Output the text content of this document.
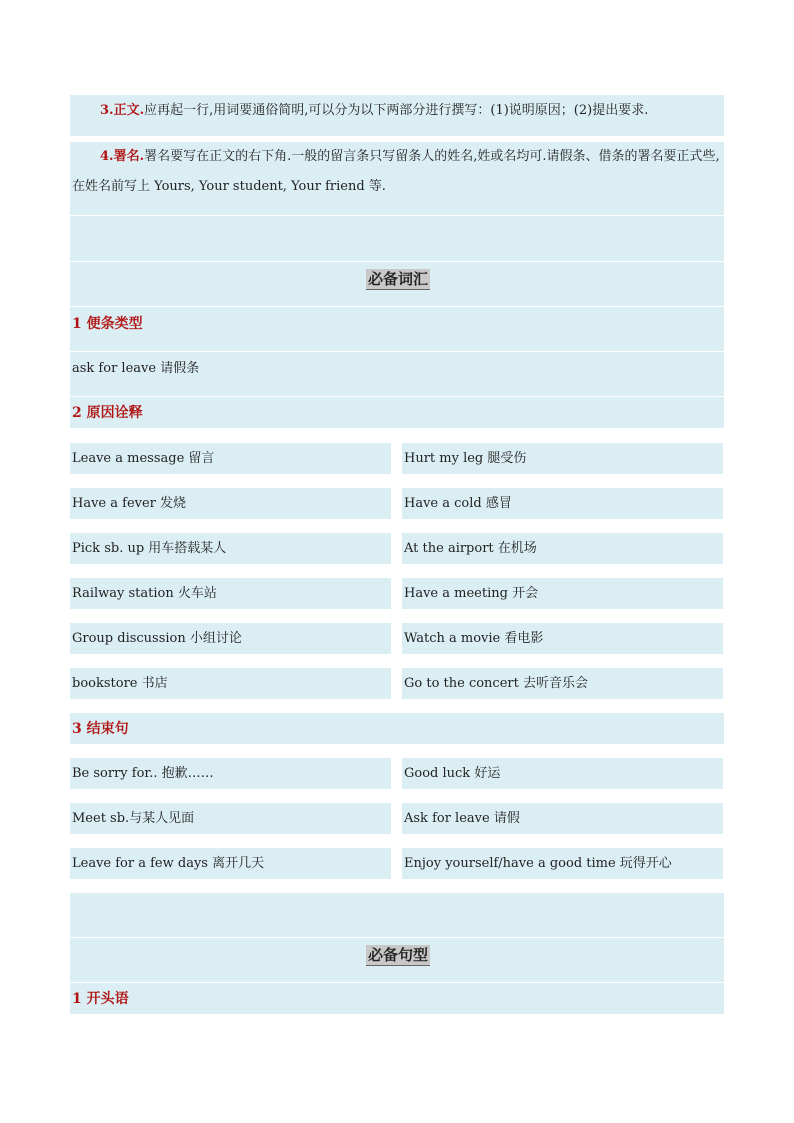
3.正文.应再起一行,用词要通俗简明,可以分为以下两部分进行撰写：(1)说明原因；(2)提出要求.
4.署名.署名要写在正文的右下角.一般的留言条只写留条人的姓名,姓或名均可.请假条、借条的署名要正式些,在姓名前写上 Yours, Your student, Your friend 等.
必备词汇
1 便条类型
ask for leave 请假条
2 原因诠释
Leave a message 留言	Hurt my leg 腿受伤
Have a fever 发烧	Have a cold 感冒
Pick sb. up 用车搭载某人	At the airport 在机场
Railway station 火车站	Have a meeting 开会
Group discussion 小组讨论	Watch a movie 看电影
bookstore 书店	Go to the concert 去听音乐会
3 结束句
Be sorry for.. 抱歉……	Good luck 好运
Meet sb.与某人见面	Ask for leave 请假
Leave for a few days 离开几天	Enjoy yourself/have a good time 玩得开心
必备句型
1 开头语
